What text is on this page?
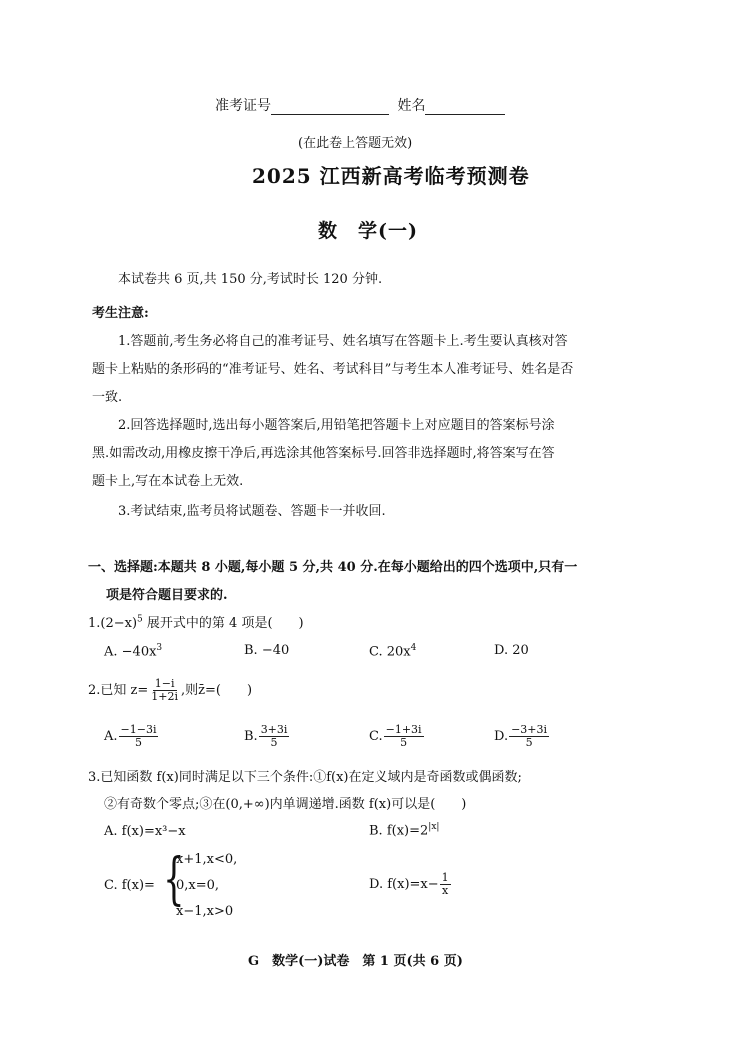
准考证号	姓名
(在此卷上答题无效)
2025 江西新高考临考预测卷
数　学(一)
本试卷共 6 页,共 150 分,考试时长 120 分钟.
考生注意:
1.答题前,考生务必将自己的准考证号、姓名填写在答题卡上.考生要认真核对答
题卡上粘贴的条形码的“准考证号、姓名、考试科目”与考生本人准考证号、姓名是否
一致.
2.回答选择题时,选出每小题答案后,用铅笔把答题卡上对应题目的答案标号涂
黑.如需改动,用橡皮擦干净后,再选涂其他答案标号.回答非选择题时,将答案写在答
题卡上,写在本试卷上无效.
3.考试结束,监考员将试题卷、答题卡一并收回.
一、选择题:本题共 8 小题,每小题 5 分,共 40 分.在每小题给出的四个选项中,只有一
项是符合题目要求的.
$1.(2-x)^5$ 展开式中的第 4 项是(　　)
A. $-40x^3$	B. −40	C. $20x^4$	D. 20
2.已知 $z= \frac{1-i}{1+2i}$ ,则z̄=(　　)
A. $\frac{-1-3i}{5}$	B. $\frac{3+3i}{5}$	C. $\frac{-1+3i}{5}$	D. $\frac{-3+3i}{5}$
3.已知函数 f(x)同时满足以下三个条件:①f(x)在定义域内是奇函数或偶函数;
②有奇数个零点;③在(0,+∞)内单调递增.函数 f(x)可以是(　　)
A. f(x)=x³−x	B. $f(x)=2^{|x|}$
C. f(x)= {
x+1,x<0,
0,x=0,
x−1,x>0
D. $f(x)=x- \frac{1}{x}$
G　数学(一)试卷　第 1 页(共 6 页)
